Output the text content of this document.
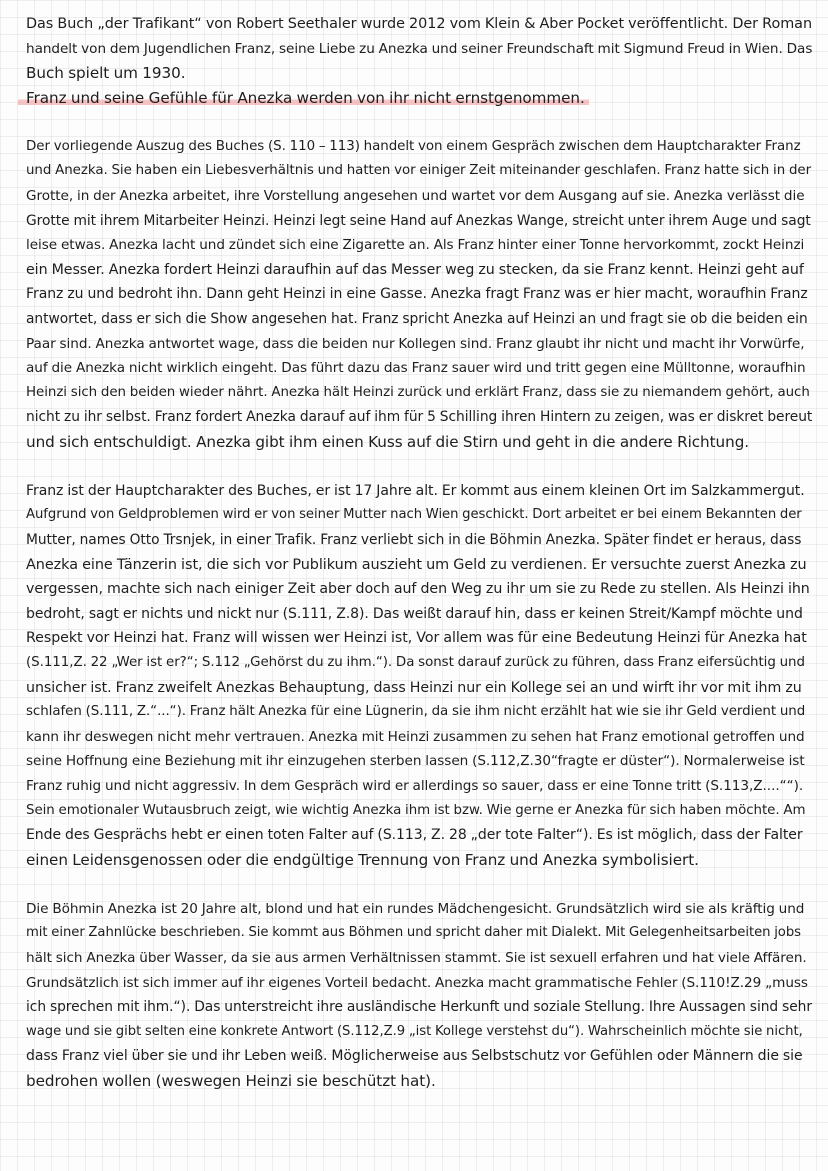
Das Buch „der Trafikant“ von Robert Seethaler wurde 2012 vom Klein & Aber Pocket veröffentlicht. Der Roman
handelt von dem Jugendlichen Franz, seine Liebe zu Anezka und seiner Freundschaft mit Sigmund Freud in Wien. Das
Buch spielt um 1930.
Franz und seine Gefühle für Anezka werden von ihr nicht ernstgenommen.

Der vorliegende Auszug des Buches (S. 110 – 113) handelt von einem Gespräch zwischen dem Hauptcharakter Franz
und Anezka. Sie haben ein Liebesverhältnis und hatten vor einiger Zeit miteinander geschlafen. Franz hatte sich in der
Grotte, in der Anezka arbeitet, ihre Vorstellung angesehen und wartet vor dem Ausgang auf sie. Anezka verlässt die
Grotte mit ihrem Mitarbeiter Heinzi. Heinzi legt seine Hand auf Anezkas Wange, streicht unter ihrem Auge und sagt
leise etwas. Anezka lacht und zündet sich eine Zigarette an. Als Franz hinter einer Tonne hervorkommt, zockt Heinzi
ein Messer. Anezka fordert Heinzi daraufhin auf das Messer weg zu stecken, da sie Franz kennt. Heinzi geht auf
Franz zu und bedroht ihn. Dann geht Heinzi in eine Gasse. Anezka fragt Franz was er hier macht, woraufhin Franz
antwortet, dass er sich die Show angesehen hat. Franz spricht Anezka auf Heinzi an und fragt sie ob die beiden ein
Paar sind. Anezka antwortet wage, dass die beiden nur Kollegen sind. Franz glaubt ihr nicht und macht ihr Vorwürfe,
auf die Anezka nicht wirklich eingeht. Das führt dazu das Franz sauer wird und tritt gegen eine Mülltonne, woraufhin
Heinzi sich den beiden wieder nährt. Anezka hält Heinzi zurück und erklärt Franz, dass sie zu niemandem gehört, auch
nicht zu ihr selbst. Franz fordert Anezka darauf auf ihm für 5 Schilling ihren Hintern zu zeigen, was er diskret bereut
und sich entschuldigt. Anezka gibt ihm einen Kuss auf die Stirn und geht in die andere Richtung.

Franz ist der Hauptcharakter des Buches, er ist 17 Jahre alt. Er kommt aus einem kleinen Ort im Salzkammergut.
Aufgrund von Geldproblemen wird er von seiner Mutter nach Wien geschickt. Dort arbeitet er bei einem Bekannten der
Mutter, names Otto Trsnjek, in einer Trafik. Franz verliebt sich in die Böhmin Anezka. Später findet er heraus, dass
Anezka eine Tänzerin ist, die sich vor Publikum auszieht um Geld zu verdienen. Er versuchte zuerst Anezka zu
vergessen, machte sich nach einiger Zeit aber doch auf den Weg zu ihr um sie zu Rede zu stellen. Als Heinzi ihn
bedroht, sagt er nichts und nickt nur (S.111, Z.8). Das weißt darauf hin, dass er keinen Streit/Kampf möchte und
Respekt vor Heinzi hat. Franz will wissen wer Heinzi ist, Vor allem was für eine Bedeutung Heinzi für Anezka hat
(S.111,Z. 22 „Wer ist er?“; S.112 „Gehörst du zu ihm.“). Da sonst darauf zurück zu führen, dass Franz eifersüchtig und
unsicher ist. Franz zweifelt Anezkas Behauptung, dass Heinzi nur ein Kollege sei an und wirft ihr vor mit ihm zu
schlafen (S.111, Z.“...“). Franz hält Anezka für eine Lügnerin, da sie ihm nicht erzählt hat wie sie ihr Geld verdient und
kann ihr deswegen nicht mehr vertrauen. Anezka mit Heinzi zusammen zu sehen hat Franz emotional getroffen und
seine Hoffnung eine Beziehung mit ihr einzugehen sterben lassen (S.112,Z.30“fragte er düster“). Normalerweise ist
Franz ruhig und nicht aggressiv. In dem Gespräch wird er allerdings so sauer, dass er eine Tonne tritt (S.113,Z....““).
Sein emotionaler Wutausbruch zeigt, wie wichtig Anezka ihm ist bzw. Wie gerne er Anezka für sich haben möchte. Am
Ende des Gesprächs hebt er einen toten Falter auf (S.113, Z. 28 „der tote Falter“). Es ist möglich, dass der Falter
einen Leidensgenossen oder die endgültige Trennung von Franz und Anezka symbolisiert.

Die Böhmin Anezka ist 20 Jahre alt, blond und hat ein rundes Mädchengesicht. Grundsätzlich wird sie als kräftig und
mit einer Zahnlücke beschrieben. Sie kommt aus Böhmen und spricht daher mit Dialekt. Mit Gelegenheitsarbeiten jobs
hält sich Anezka über Wasser, da sie aus armen Verhältnissen stammt. Sie ist sexuell erfahren und hat viele Affären.
Grundsätzlich ist sich immer auf ihr eigenes Vorteil bedacht. Anezka macht grammatische Fehler (S.110!Z.29 „muss
ich sprechen mit ihm.“). Das unterstreicht ihre ausländische Herkunft und soziale Stellung. Ihre Aussagen sind sehr
wage und sie gibt selten eine konkrete Antwort (S.112,Z.9 „ist Kollege verstehst du“). Wahrscheinlich möchte sie nicht,
dass Franz viel über sie und ihr Leben weiß. Möglicherweise aus Selbstschutz vor Gefühlen oder Männern die sie
bedrohen wollen (weswegen Heinzi sie beschützt hat).
